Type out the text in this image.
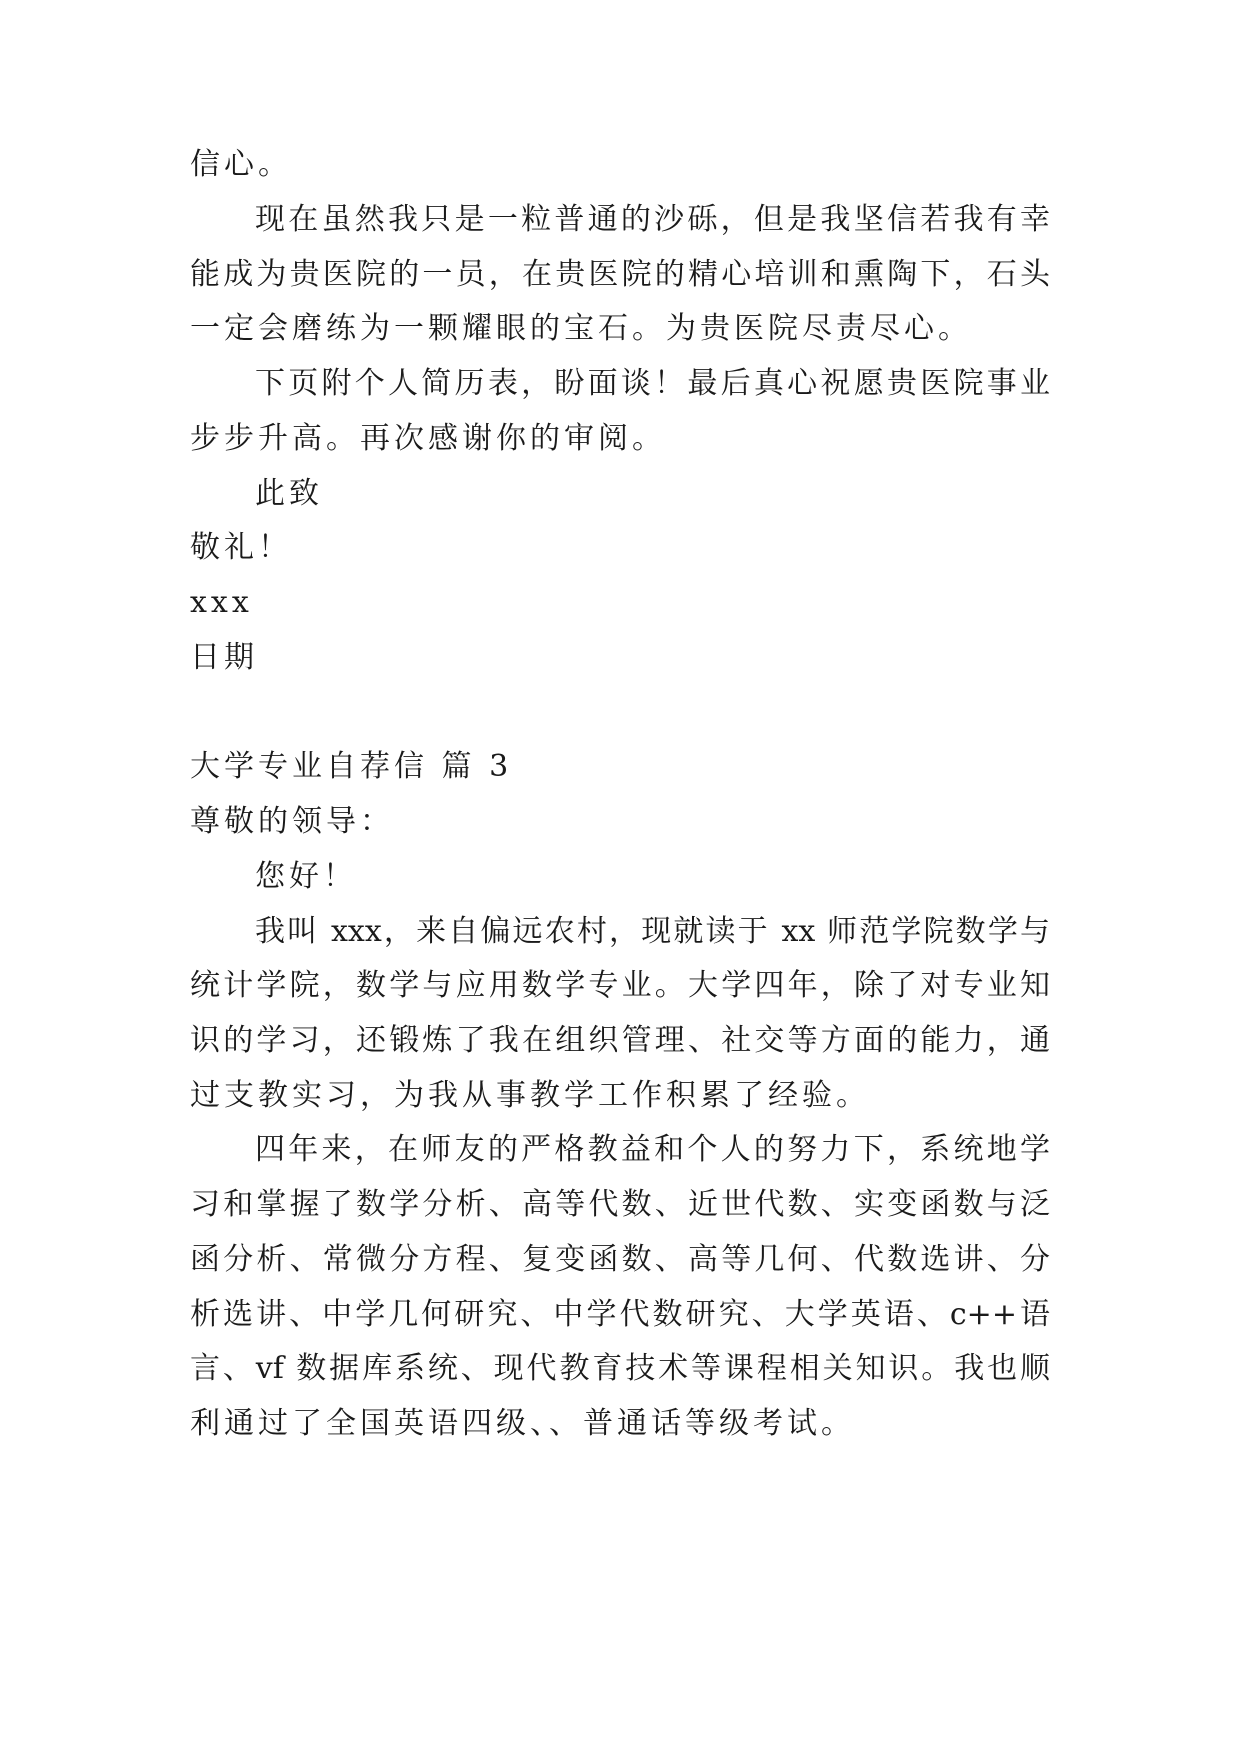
信心。
现在虽然我只是一粒普通的沙砾，但是我坚信若我有幸
能成为贵医院的一员，在贵医院的精心培训和熏陶下，石头
一定会磨练为一颗耀眼的宝石。为贵医院尽责尽心。
下页附个人简历表，盼面谈！最后真心祝愿贵医院事业
步步升高。再次感谢你的审阅。
此致
敬礼！
xxx
日期
大学专业自荐信 篇 3
尊敬的领导：
您好！
我叫 xxx，来自偏远农村，现就读于 xx 师范学院数学与
统计学院，数学与应用数学专业。大学四年，除了对专业知
识的学习，还锻炼了我在组织管理、社交等方面的能力，通
过支教实习，为我从事教学工作积累了经验。
四年来，在师友的严格教益和个人的努力下，系统地学
习和掌握了数学分析、高等代数、近世代数、实变函数与泛
函分析、常微分方程、复变函数、高等几何、代数选讲、分
析选讲、中学几何研究、中学代数研究、大学英语、c++语
言、vf 数据库系统、现代教育技术等课程相关知识。我也顺
利通过了全国英语四级、、普通话等级考试。
